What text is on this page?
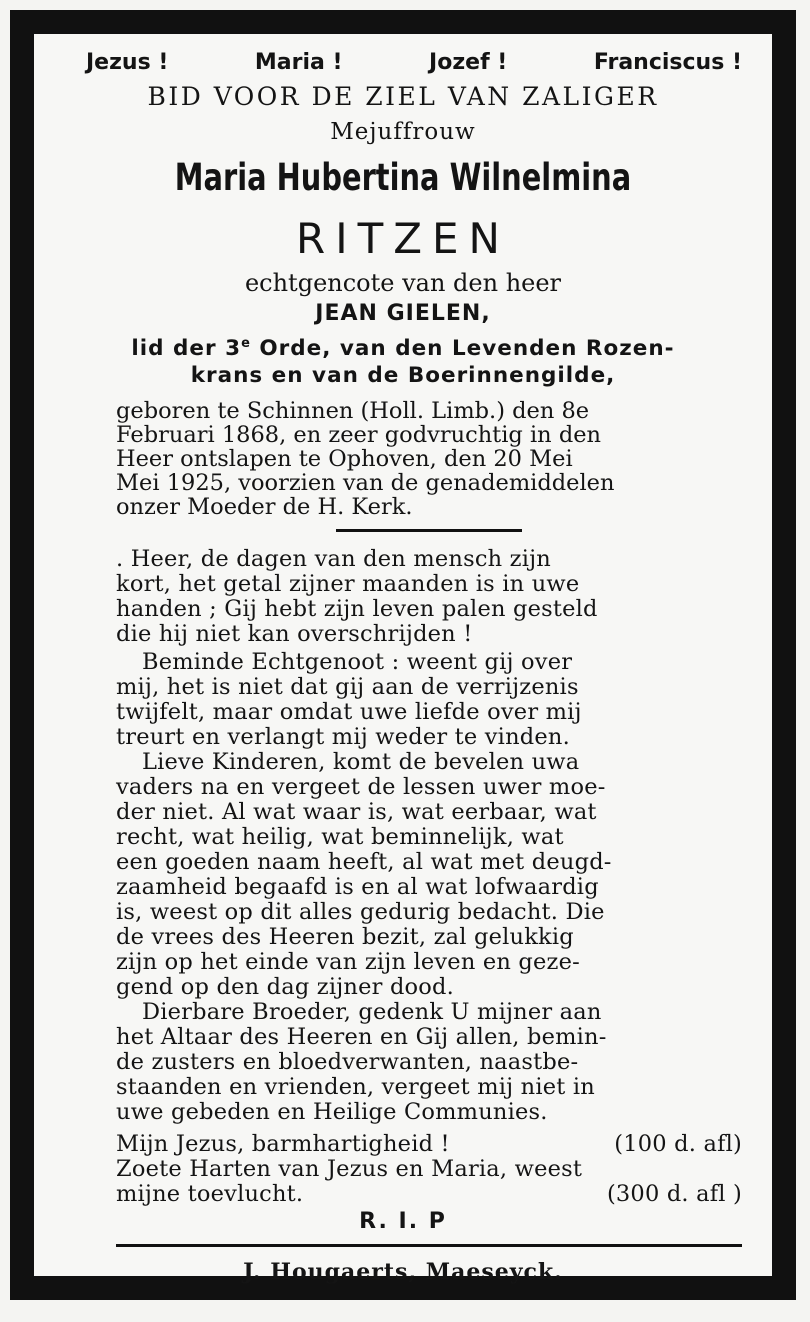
Jezus !	Maria !	Jozef !	Franciscus !
BID VOOR DE ZIEL VAN ZALIGER
Mejuffrouw
Maria Hubertina Wilnelmina
RITZEN
echtgencote van den heer
JEAN GIELEN,
lid der 3e Orde, van den Levenden Rozen-
krans en van de Boerinnengilde,
geboren te Schinnen (Holl. Limb.) den 8e
Februari 1868, en zeer godvruchtig in den
Heer ontslapen te Ophoven, den 20 Mei
Mei 1925, voorzien van de genademiddelen
onzer Moeder de H. Kerk.
. Heer, de dagen van den mensch zijn
kort, het getal zijner maanden is in uwe
handen ; Gij hebt zijn leven palen gesteld
die hij niet kan overschrijden !
Beminde Echtgenoot : weent gij over
mij, het is niet dat gij aan de verrijzenis
twijfelt, maar omdat uwe liefde over mij
treurt en verlangt mij weder te vinden.
Lieve Kinderen, komt de bevelen uwa
vaders na en vergeet de lessen uwer moe-
der niet. Al wat waar is, wat eerbaar, wat
recht, wat heilig, wat beminnelijk, wat
een goeden naam heeft, al wat met deugd-
zaamheid begaafd is en al wat lofwaardig
is, weest op dit alles gedurig bedacht. Die
de vrees des Heeren bezit, zal gelukkig
zijn op het einde van zijn leven en geze-
gend op den dag zijner dood.
Dierbare Broeder, gedenk U mijner aan
het Altaar des Heeren en Gij allen, bemin-
de zusters en bloedverwanten, naastbe-
staanden en vrienden, vergeet mij niet in
uwe gebeden en Heilige Communies.
Mijn Jezus, barmhartigheid !	(100 d. afl)
Zoete Harten van Jezus en Maria, weest
mijne toevlucht.	(300 d. afl )
R. I. P
J. Hougaerts, Maeseyck.
